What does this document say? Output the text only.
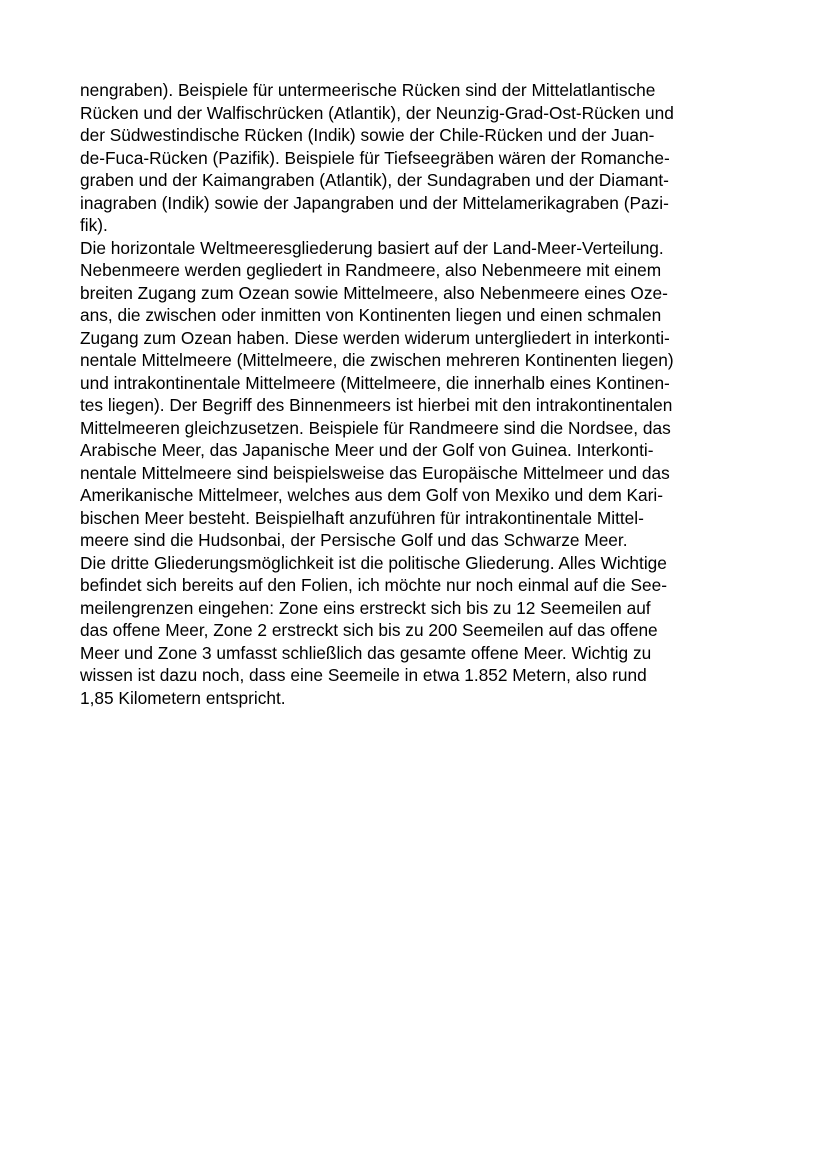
nengraben). Beispiele für untermeerische Rücken sind der Mittelatlantische
Rücken und der Walfischrücken (Atlantik), der Neunzig-Grad-Ost-Rücken und
der Südwestindische Rücken (Indik) sowie der Chile-Rücken und der Juan-
de-Fuca-Rücken (Pazifik). Beispiele für Tiefseegräben wären der Romanche-
graben und der Kaimangraben (Atlantik), der Sundagraben und der Diamant-
inagraben (Indik) sowie der Japangraben und der Mittelamerikagraben (Pazi-
fik).
Die horizontale Weltmeeresgliederung basiert auf der Land-Meer-Verteilung.
Nebenmeere werden gegliedert in Randmeere, also Nebenmeere mit einem
breiten Zugang zum Ozean sowie Mittelmeere, also Nebenmeere eines Oze-
ans, die zwischen oder inmitten von Kontinenten liegen und einen schmalen
Zugang zum Ozean haben. Diese werden widerum untergliedert in interkonti-
nentale Mittelmeere (Mittelmeere, die zwischen mehreren Kontinenten liegen)
und intrakontinentale Mittelmeere (Mittelmeere, die innerhalb eines Kontinen-
tes liegen). Der Begriff des Binnenmeers ist hierbei mit den intrakontinentalen
Mittelmeeren gleichzusetzen. Beispiele für Randmeere sind die Nordsee, das
Arabische Meer, das Japanische Meer und der Golf von Guinea. Interkonti-
nentale Mittelmeere sind beispielsweise das Europäische Mittelmeer und das
Amerikanische Mittelmeer, welches aus dem Golf von Mexiko und dem Kari-
bischen Meer besteht. Beispielhaft anzuführen für intrakontinentale Mittel-
meere sind die Hudsonbai, der Persische Golf und das Schwarze Meer.
Die dritte Gliederungsmöglichkeit ist die politische Gliederung. Alles Wichtige
befindet sich bereits auf den Folien, ich möchte nur noch einmal auf die See-
meilengrenzen eingehen: Zone eins erstreckt sich bis zu 12 Seemeilen auf
das offene Meer, Zone 2 erstreckt sich bis zu 200 Seemeilen auf das offene
Meer und Zone 3 umfasst schließlich das gesamte offene Meer. Wichtig zu
wissen ist dazu noch, dass eine Seemeile in etwa 1.852 Metern, also rund
1,85 Kilometern entspricht.
